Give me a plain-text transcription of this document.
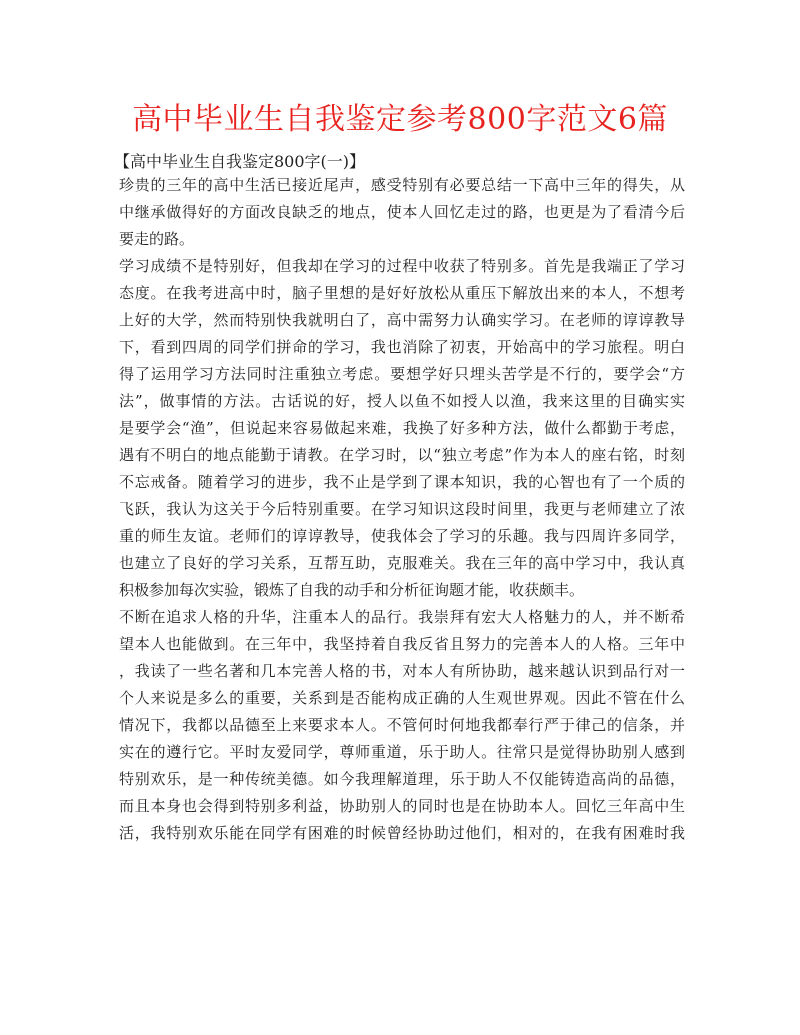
高中毕业生自我鉴定参考800字范文6篇
【高中毕业生自我鉴定800字(一)】
珍贵的三年的高中生活已接近尾声，感受特别有必要总结一下高中三年的得失，从
中继承做得好的方面改良缺乏的地点，使本人回忆走过的路，也更是为了看清今后
要走的路。
学习成绩不是特别好，但我却在学习的过程中收获了特别多。首先是我端正了学习
态度。在我考进高中时，脑子里想的是好好放松从重压下解放出来的本人，不想考
上好的大学，然而特别快我就明白了，高中需努力认确实学习。在老师的谆谆教导
下，看到四周的同学们拼命的学习，我也消除了初衷，开始高中的学习旅程。明白
得了运用学习方法同时注重独立考虑。要想学好只埋头苦学是不行的，要学会“方
法”，做事情的方法。古话说的好，授人以鱼不如授人以渔，我来这里的目确实实
是要学会“渔”，但说起来容易做起来难，我换了好多种方法，做什么都勤于考虑，
遇有不明白的地点能勤于请教。在学习时，以“独立考虑”作为本人的座右铭，时刻
不忘戒备。随着学习的进步，我不止是学到了课本知识，我的心智也有了一个质的
飞跃，我认为这关于今后特别重要。在学习知识这段时间里，我更与老师建立了浓
重的师生友谊。老师们的谆谆教导，使我体会了学习的乐趣。我与四周许多同学，
也建立了良好的学习关系，互帮互助，克服难关。我在三年的高中学习中，我认真
积极参加每次实验，锻炼了自我的动手和分析征询题才能，收获颇丰。
不断在追求人格的升华，注重本人的品行。我崇拜有宏大人格魅力的人，并不断希
望本人也能做到。在三年中，我坚持着自我反省且努力的完善本人的人格。三年中
，我读了一些名著和几本完善人格的书，对本人有所协助，越来越认识到品行对一
个人来说是多么的重要，关系到是否能构成正确的人生观世界观。因此不管在什么
情况下，我都以品德至上来要求本人。不管何时何地我都奉行严于律己的信条，并
实在的遵行它。平时友爱同学，尊师重道，乐于助人。往常只是觉得协助别人感到
特别欢乐，是一种传统美德。如今我理解道理，乐于助人不仅能铸造高尚的品德，
而且本身也会得到特别多利益，协助别人的同时也是在协助本人。回忆三年高中生
活，我特别欢乐能在同学有困难的时候曾经协助过他们，相对的，在我有困难时我
